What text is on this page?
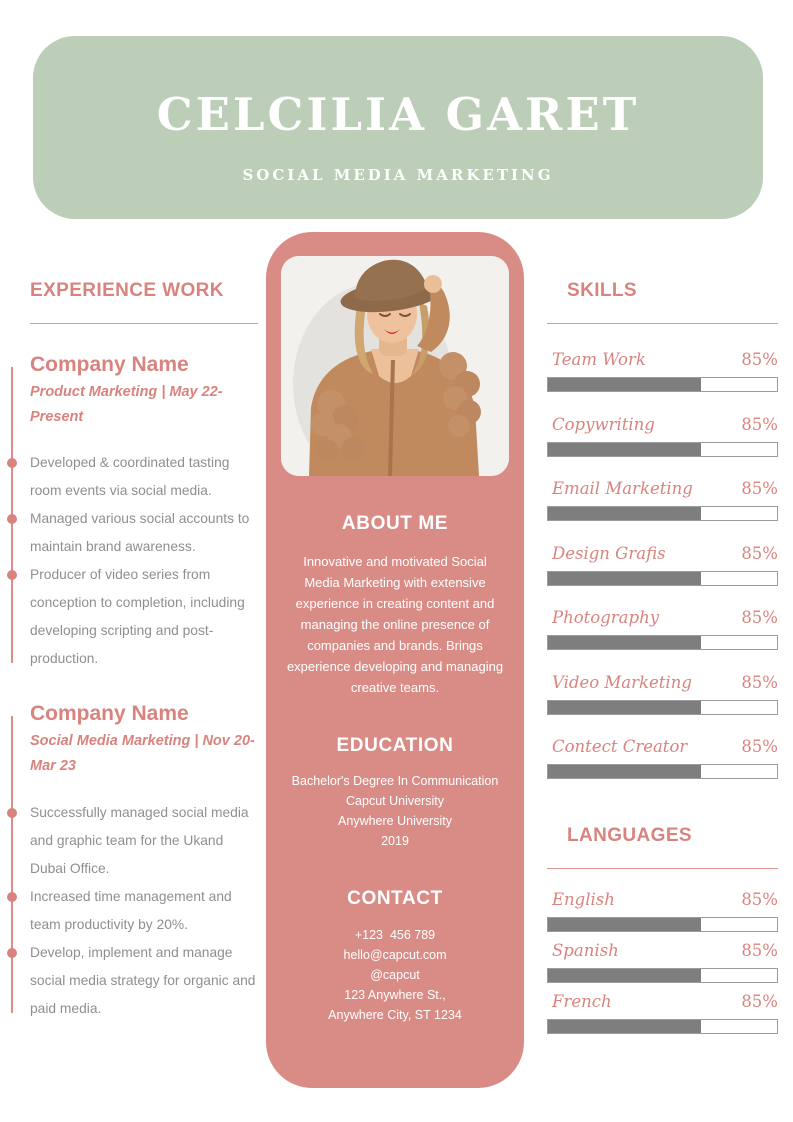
CELCILIA GARET
SOCIAL MEDIA MARKETING
EXPERIENCE WORK
Company Name
Product Marketing | May 22-Present
Developed & coordinated tasting room events via social media.
Managed various social accounts to maintain brand awareness.
Producer of video series from conception to completion, including developing scripting and post-production.
Company Name
Social Media Marketing | Nov 20-Mar 23
Successfully managed social media and graphic team for the Ukand Dubai Office.
Increased time management and team productivity by 20%.
Develop, implement and manage social media strategy for organic and paid media.
ABOUT ME
Innovative and motivated Social Media Marketing with extensive experience in creating content and managing the online presence of companies and brands. Brings experience developing and managing creative teams.
EDUCATION
Bachelor's Degree In Communication
Capcut University
Anywhere University
2019
CONTACT
+123  456 789
hello@capcut.com
@capcut
123 Anywhere St.,
Anywhere City, ST 1234
SKILLS
Team Work	85%
Copywriting	85%
Email Marketing	85%
Design Grafis	85%
Photography	85%
Video Marketing	85%
Contect Creator	85%
LANGUAGES
English	85%
Spanish	85%
French	85%
